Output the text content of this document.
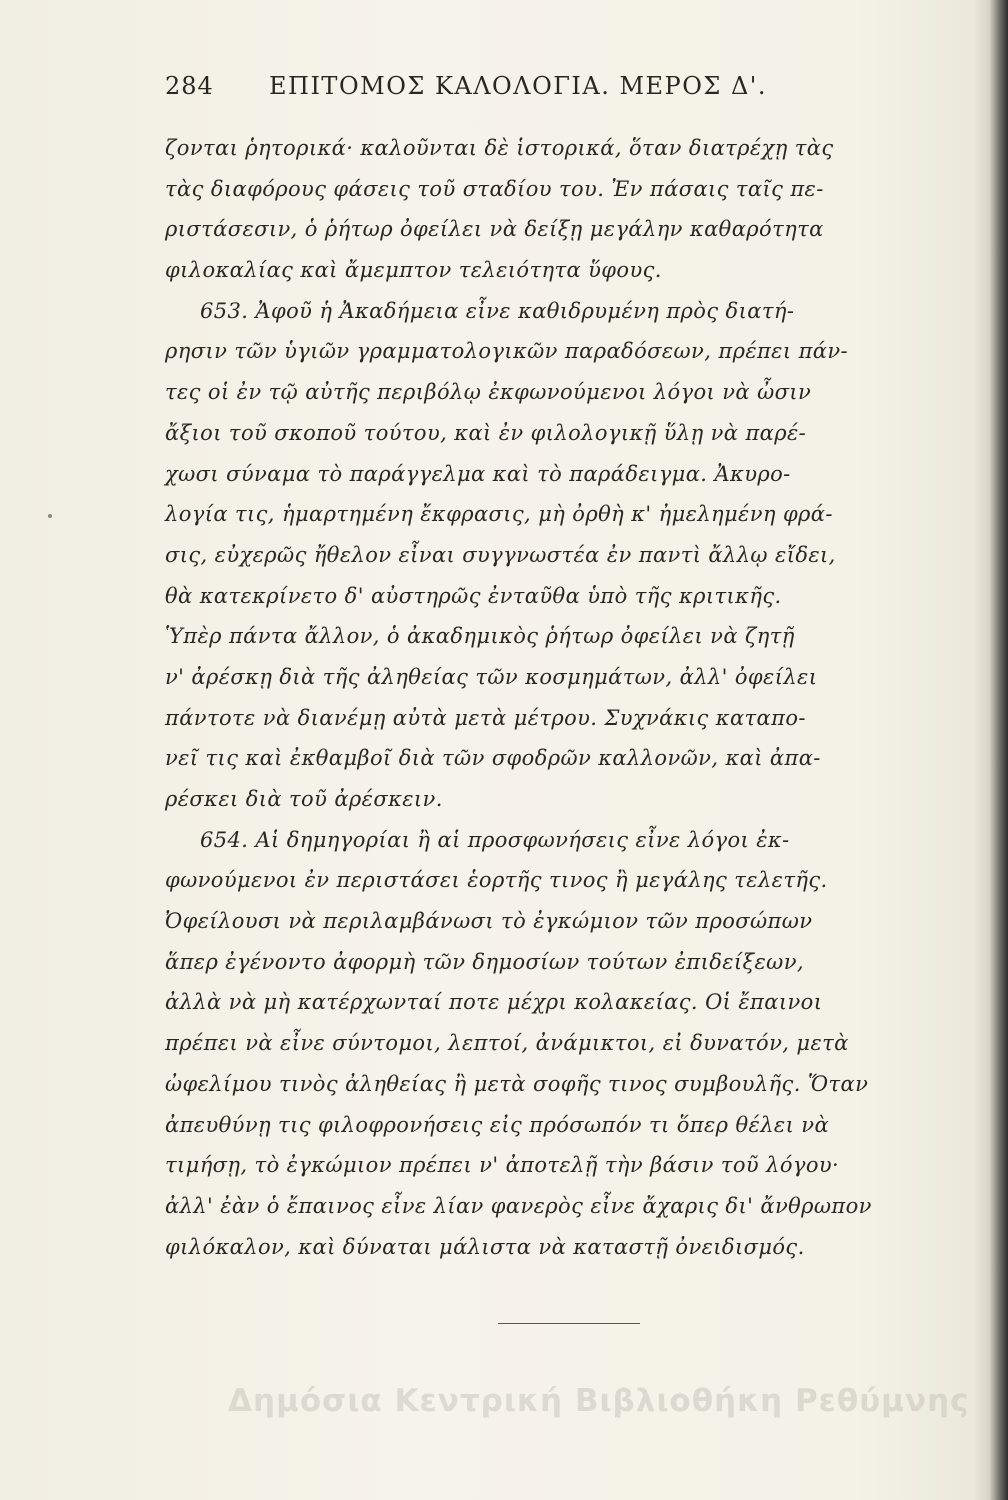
284 ΕΠΙΤΟΜΟΣ ΚΑΛΟΛΟΓΙΑ. ΜΕΡΟΣ Δ'.
ζονται ῥητορικά· καλοῦνται δὲ ἱστορικά, ὅταν διατρέχῃ τὰς
τὰς διαφόρους φάσεις τοῦ σταδίου του. Ἐν πάσαις ταῖς πε-
ριστάσεσιν, ὁ ῥήτωρ ὀφείλει νὰ δείξῃ μεγάλην καθαρότητα
φιλοκαλίας καὶ ἄμεμπτον τελειότητα ὕφους.
653. Ἀφοῦ ἡ Ἀκαδήμεια εἶνε καθιδρυμένη πρὸς διατή-
ρησιν τῶν ὑγιῶν γραμματολογικῶν παραδόσεων, πρέπει πάν-
τες οἱ ἐν τῷ αὐτῆς περιβόλῳ ἐκφωνούμενοι λόγοι νὰ ὦσιν
ἄξιοι τοῦ σκοποῦ τούτου, καὶ ἐν φιλολογικῇ ὕλῃ νὰ παρέ-
χωσι σύναμα τὸ παράγγελμα καὶ τὸ παράδειγμα. Ἀκυρο-
λογία τις, ἡμαρτημένη ἔκφρασις, μὴ ὀρθὴ κ' ἠμελημένη φρά-
σις, εὐχερῶς ἤθελον εἶναι συγγνωστέα ἐν παντὶ ἄλλῳ εἴδει,
θὰ κατεκρίνετο δ' αὐστηρῶς ἐνταῦθα ὑπὸ τῆς κριτικῆς.
Ὑπὲρ πάντα ἄλλον, ὁ ἀκαδημικὸς ῥήτωρ ὀφείλει νὰ ζητῇ
ν' ἀρέσκῃ διὰ τῆς ἀληθείας τῶν κοσμημάτων, ἀλλ' ὀφείλει
πάντοτε νὰ διανέμῃ αὐτὰ μετὰ μέτρου. Συχνάκις καταπο-
νεῖ τις καὶ ἐκθαμβοῖ διὰ τῶν σφοδρῶν καλλονῶν, καὶ ἀπα-
ρέσκει διὰ τοῦ ἀρέσκειν.
654. Αἱ δημηγορίαι ἢ αἱ προσφωνήσεις εἶνε λόγοι ἐκ-
φωνούμενοι ἐν περιστάσει ἑορτῆς τινος ἢ μεγάλης τελετῆς.
Ὀφείλουσι νὰ περιλαμβάνωσι τὸ ἐγκώμιον τῶν προσώπων
ἅπερ ἐγένοντο ἀφορμὴ τῶν δημοσίων τούτων ἐπιδείξεων,
ἀλλὰ νὰ μὴ κατέρχωνταί ποτε μέχρι κολακείας. Οἱ ἔπαινοι
πρέπει νὰ εἶνε σύντομοι, λεπτοί, ἀνάμικτοι, εἰ δυνατόν, μετὰ
ὠφελίμου τινὸς ἀληθείας ἢ μετὰ σοφῆς τινος συμβουλῆς. Ὅταν
ἀπευθύνῃ τις φιλοφρονήσεις εἰς πρόσωπόν τι ὅπερ θέλει νὰ
τιμήσῃ, τὸ ἐγκώμιον πρέπει ν' ἀποτελῇ τὴν βάσιν τοῦ λόγου·
ἀλλ' ἐὰν ὁ ἔπαινος εἶνε λίαν φανερὸς εἶνε ἄχαρις δι' ἄνθρωπον
φιλόκαλον, καὶ δύναται μάλιστα νὰ καταστῇ ὀνειδισμός.
Δημόσια Κεντρική Βιβλιοθήκη Ρεθύμνης
